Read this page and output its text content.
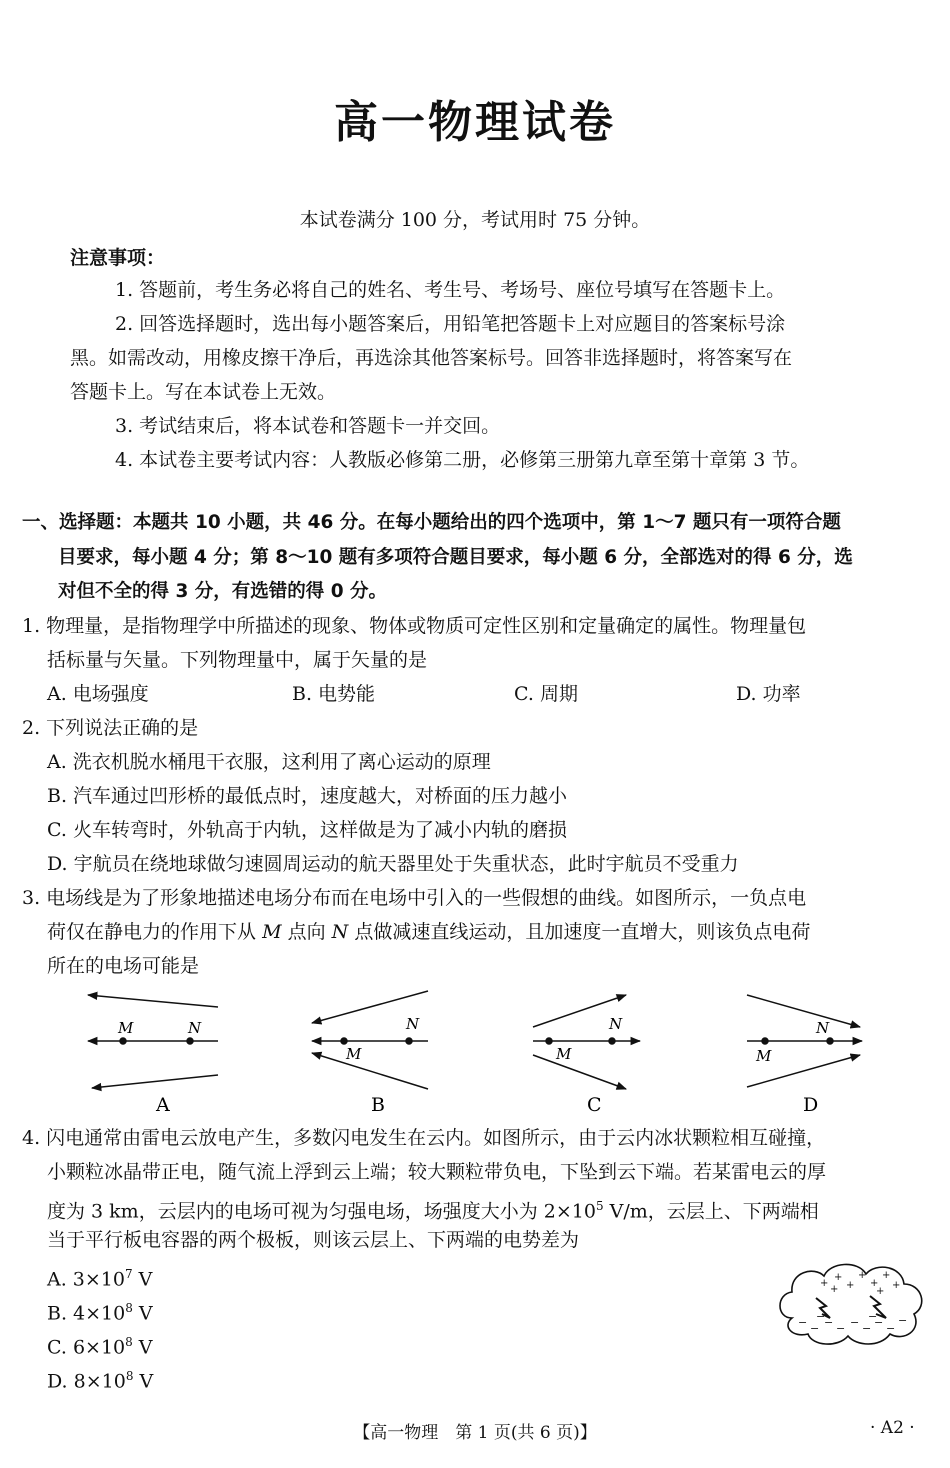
高一物理试卷
本试卷满分 100 分，考试用时 75 分钟。
注意事项：
1. 答题前，考生务必将自己的姓名、考生号、考场号、座位号填写在答题卡上。
2. 回答选择题时，选出每小题答案后，用铅笔把答题卡上对应题目的答案标号涂
黑。如需改动，用橡皮擦干净后，再选涂其他答案标号。回答非选择题时，将答案写在
答题卡上。写在本试卷上无效。
3. 考试结束后，将本试卷和答题卡一并交回。
4. 本试卷主要考试内容：人教版必修第二册，必修第三册第九章至第十章第 3 节。
一、选择题：本题共 10 小题，共 46 分。在每小题给出的四个选项中，第 1～7 题只有一项符合题
目要求，每小题 4 分；第 8～10 题有多项符合题目要求，每小题 6 分，全部选对的得 6 分，选
对但不全的得 3 分，有选错的得 0 分。
1. 物理量，是指物理学中所描述的现象、物体或物质可定性区别和定量确定的属性。物理量包
括标量与矢量。下列物理量中，属于矢量的是
A. 电场强度	B. 电势能	C. 周期	D. 功率
2. 下列说法正确的是
A. 洗衣机脱水桶甩干衣服，这利用了离心运动的原理
B. 汽车通过凹形桥的最低点时，速度越大，对桥面的压力越小
C. 火车转弯时，外轨高于内轨，这样做是为了减小内轨的磨损
D. 宇航员在绕地球做匀速圆周运动的航天器里处于失重状态，此时宇航员不受重力
3. 电场线是为了形象地描述电场分布而在电场中引入的一些假想的曲线。如图所示，一负点电
荷仅在静电力的作用下从 M 点向 N 点做减速直线运动，且加速度一直增大，则该负点电荷
所在的电场可能是
M	N
A
M
N
B
M
N
C
M
N
D
4. 闪电通常由雷电云放电产生，多数闪电发生在云内。如图所示，由于云内冰状颗粒相互碰撞，
小颗粒冰晶带正电，随气流上浮到云上端；较大颗粒带负电，下坠到云下端。若某雷电云的厚
度为 3 km，云层内的电场可视为匀强电场，场强度大小为 $2\times 10^5$ V/m，云层上、下两端相
当于平行板电容器的两个极板，则该云层上、下两端的电势差为
A. $3\times 10^7$ V
B. $4\times 10^8$ V
C. $6\times 10^8$ V
D. $8\times 10^8$ V
+
+
+
+
+
+
+
+	+
− − − − − − − −
−
−	−
【高一物理　第 1 页(共 6 页)】	· A2 ·
